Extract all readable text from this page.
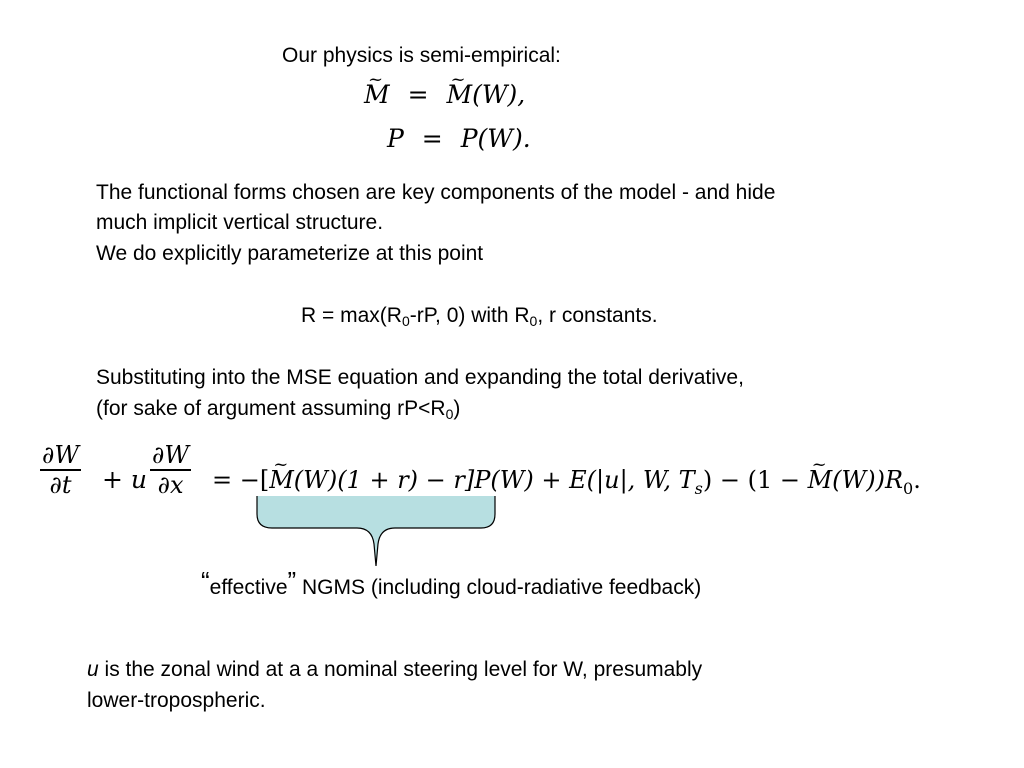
Our physics is semi-empirical:
~ M = ~ M(W),
P = P(W).
The functional forms chosen are key components of the model - and hide
much implicit vertical structure.
We do explicitly parameterize at this point
$R = \max(R_0-rP$, 0) with $R_0$, r constants.
Substituting into the MSE equation and expanding the total derivative,
(for sake of argument assuming $rP<R_0$)
∂W
∂t + u
∂W
∂x = −[~ M(W)(1 + r) − r]P(W) + E(|u|, W, $T_s) - (1$ − ~ $M(W))R_0$.
“effective” NGMS (including cloud-radiative feedback)
u is the zonal wind at a a nominal steering level for W, presumably
lower-tropospheric.
